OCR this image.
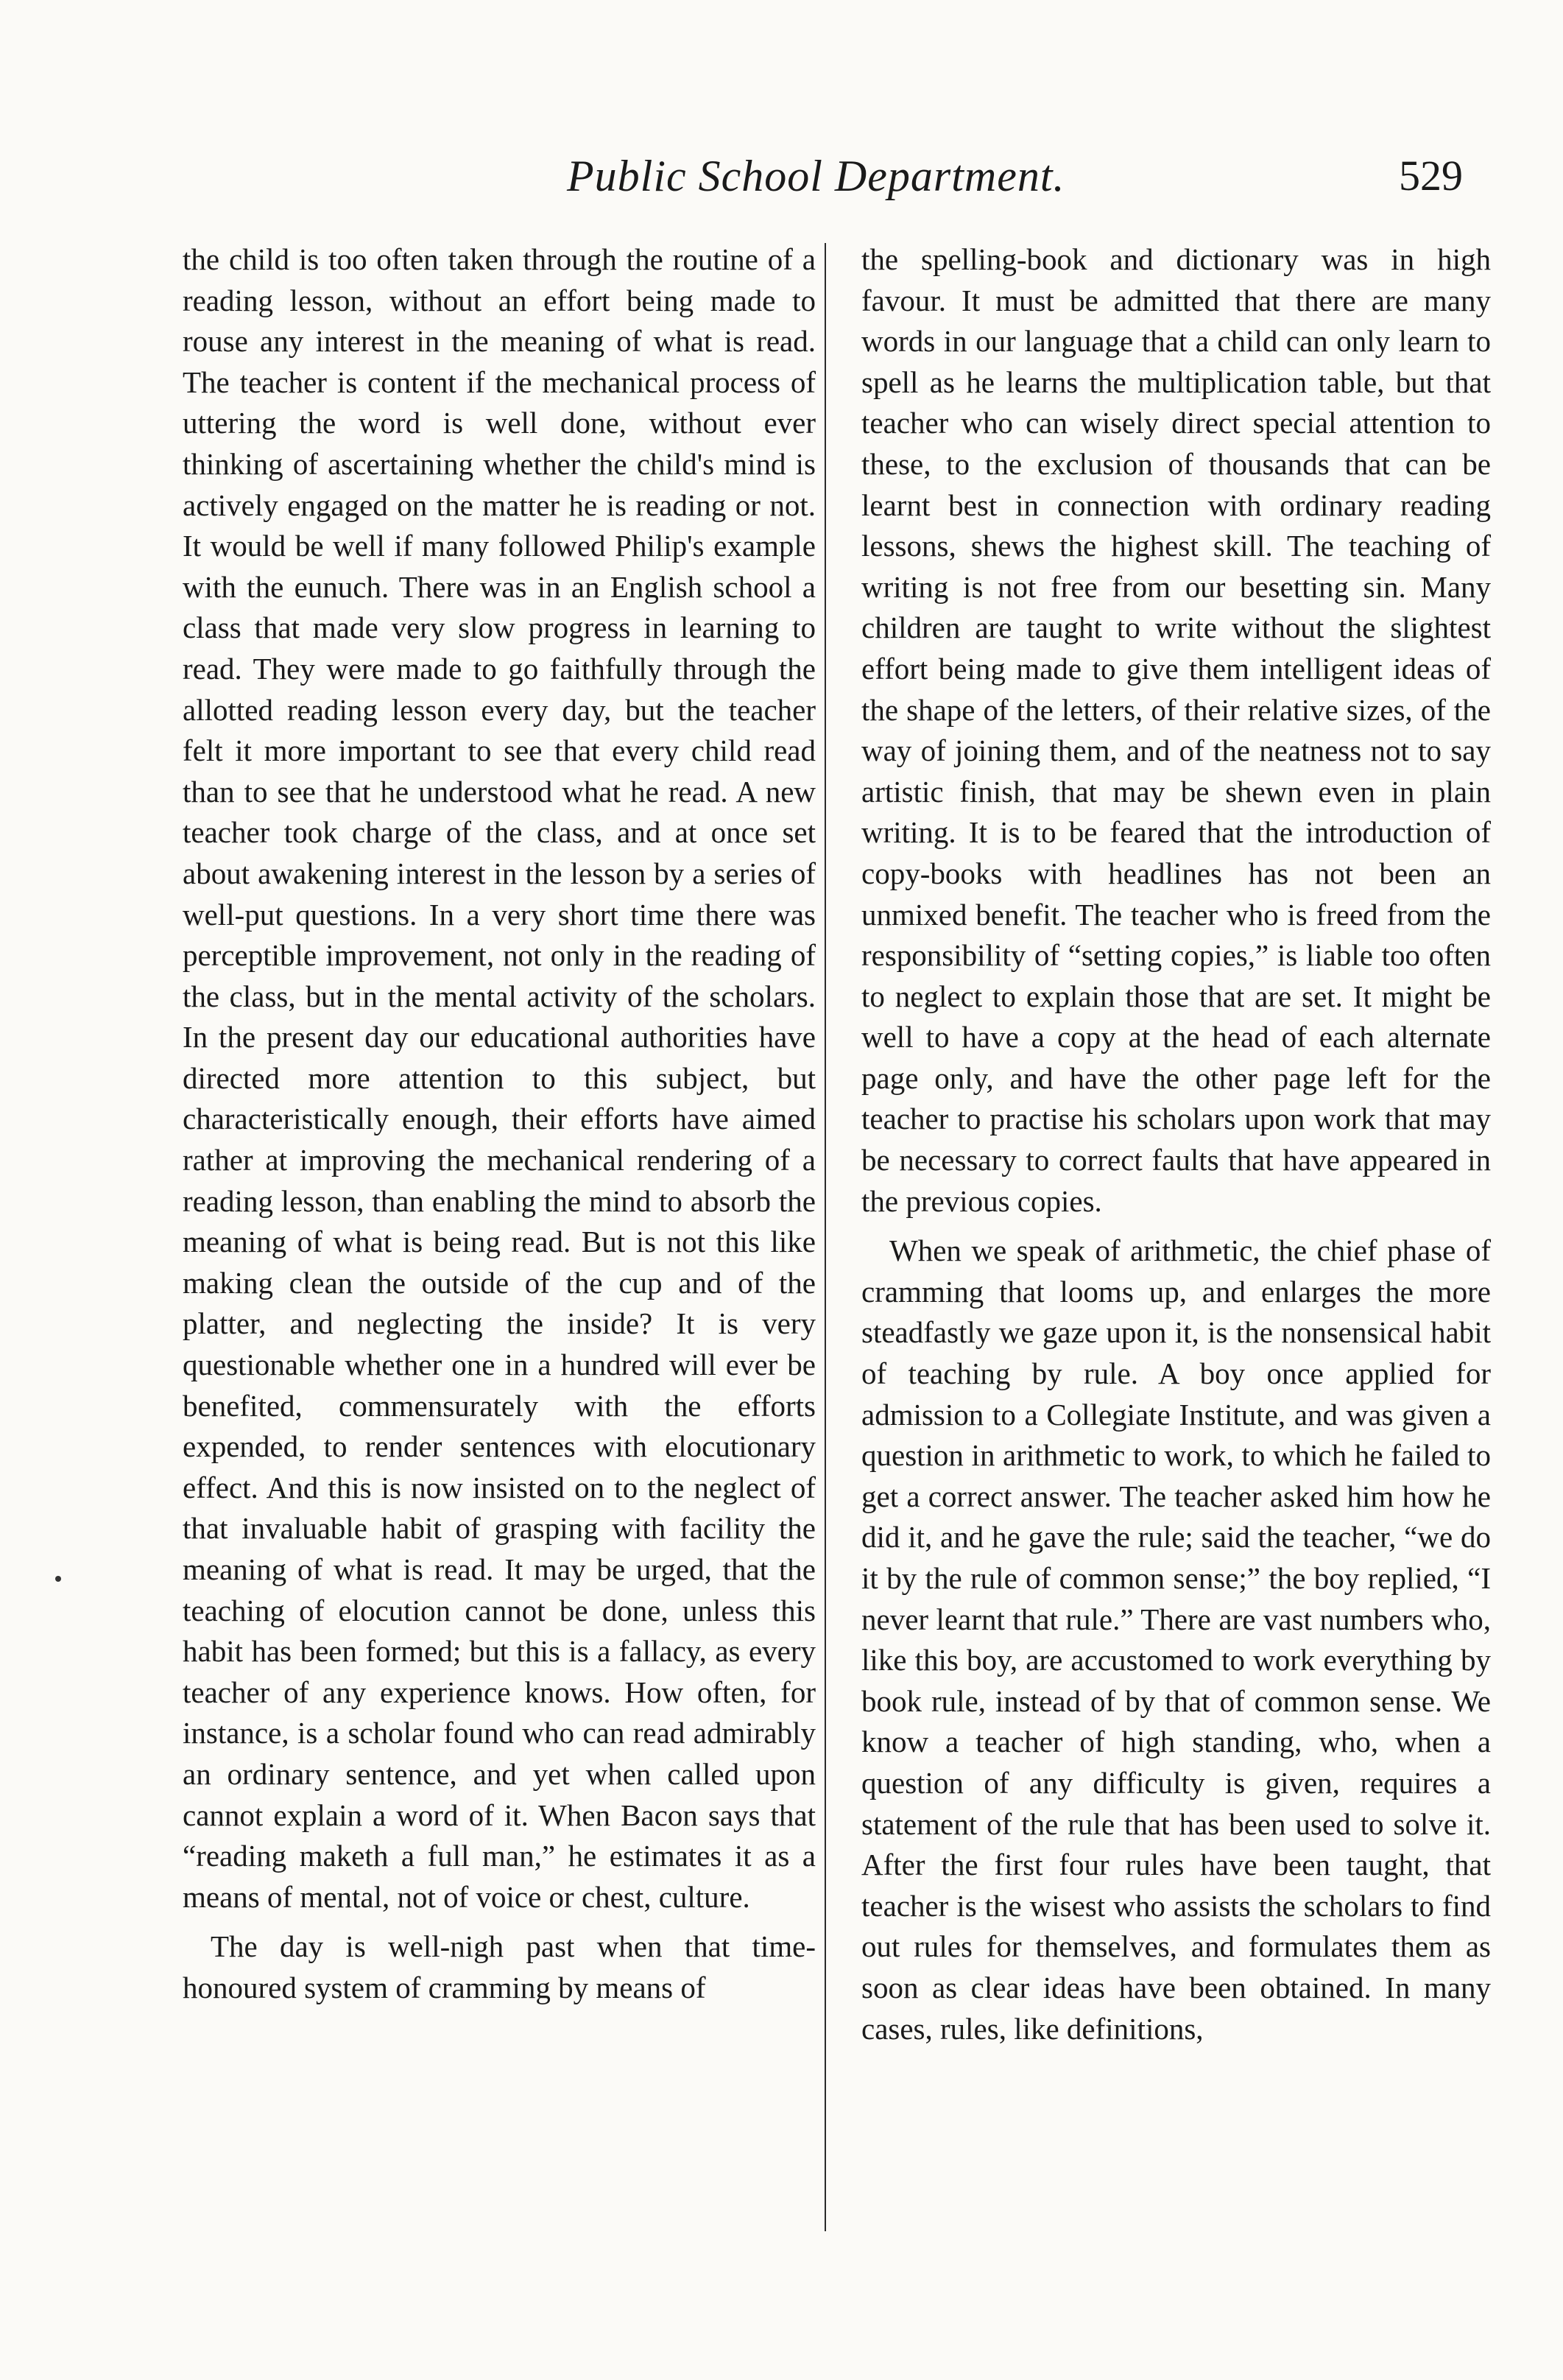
Public School Department.	529

the child is too often taken through the routine of a reading lesson, without an effort being made to rouse any interest in the meaning of what is read. The teacher is content if the mechanical process of uttering the word is well done, without ever thinking of ascertaining whether the child's mind is actively engaged on the matter he is reading or not. It would be well if many followed Philip's example with the eunuch. There was in an English school a class that made very slow progress in learning to read. They were made to go faithfully through the allotted reading lesson every day, but the teacher felt it more important to see that every child read than to see that he understood what he read. A new teacher took charge of the class, and at once set about awakening interest in the lesson by a series of well-put questions. In a very short time there was perceptible improvement, not only in the reading of the class, but in the mental activity of the scholars. In the present day our educational authorities have directed more attention to this subject, but characteristically enough, their efforts have aimed rather at improving the mechanical rendering of a reading lesson, than enabling the mind to absorb the meaning of what is being read. But is not this like making clean the outside of the cup and of the platter, and neglecting the inside? It is very questionable whether one in a hundred will ever be benefited, commensurately with the efforts expended, to render sentences with elocutionary effect. And this is now insisted on to the neglect of that invaluable habit of grasping with facility the meaning of what is read. It may be urged, that the teaching of elocution cannot be done, unless this habit has been formed; but this is a fallacy, as every teacher of any experience knows. How often, for instance, is a scholar found who can read admirably an ordinary sentence, and yet when called upon cannot explain a word of it. When Bacon says that “reading maketh a full man,” he estimates it as a means of mental, not of voice or chest, culture.

The day is well-nigh past when that time-honoured system of cramming by means of

the spelling-book and dictionary was in high favour. It must be admitted that there are many words in our language that a child can only learn to spell as he learns the multiplication table, but that teacher who can wisely direct special attention to these, to the exclusion of thousands that can be learnt best in connection with ordinary reading lessons, shews the highest skill. The teaching of writing is not free from our besetting sin. Many children are taught to write without the slightest effort being made to give them intelligent ideas of the shape of the letters, of their relative sizes, of the way of joining them, and of the neatness not to say artistic finish, that may be shewn even in plain writing. It is to be feared that the introduction of copy-books with headlines has not been an unmixed benefit. The teacher who is freed from the responsibility of “setting copies,” is liable too often to neglect to explain those that are set. It might be well to have a copy at the head of each alternate page only, and have the other page left for the teacher to practise his scholars upon work that may be necessary to correct faults that have appeared in the previous copies.

When we speak of arithmetic, the chief phase of cramming that looms up, and enlarges the more steadfastly we gaze upon it, is the nonsensical habit of teaching by rule. A boy once applied for admission to a Collegiate Institute, and was given a question in arithmetic to work, to which he failed to get a correct answer. The teacher asked him how he did it, and he gave the rule; said the teacher, “we do it by the rule of common sense;” the boy replied, “I never learnt that rule.” There are vast numbers who, like this boy, are accustomed to work everything by book rule, instead of by that of common sense. We know a teacher of high standing, who, when a question of any difficulty is given, requires a statement of the rule that has been used to solve it. After the first four rules have been taught, that teacher is the wisest who assists the scholars to find out rules for themselves, and formulates them as soon as clear ideas have been obtained. In many cases, rules, like definitions,
